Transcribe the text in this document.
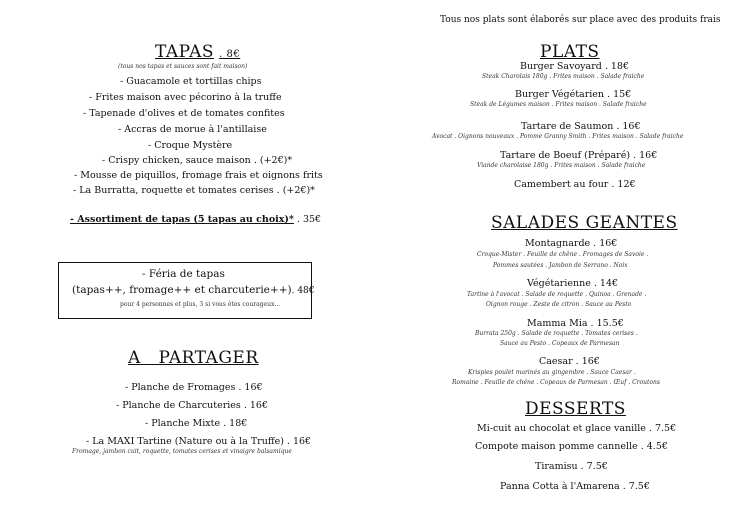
Tous nos plats sont élaborés sur place avec des produits frais
TAPAS . 8€
(tous nos tapas et sauces sont fait maison)
- Guacamole et tortillas chips
- Frites maison avec pécorino à la truffe
- Tapenade d'olives et de tomates confites
- Accras de morue à l'antillaise
- Croque Mystère
- Crispy chicken, sauce maison . (+2€)*
- Mousse de piquillos, fromage frais et oignons frits
- La Burratta, roquette et tomates cerises . (+2€)*
- Assortiment de tapas (5 tapas au choix)* . 35€
- Féria de tapas
(tapas++, fromage++ et charcuterie++). 48€
pour 4 personnes et plus, 3 si vous êtes courageux...
A   PARTAGER
- Planche de Fromages . 16€
- Planche de Charcuteries . 16€
- Planche Mixte . 18€
- La MAXI Tartine (Nature ou à la Truffe) . 16€
Fromage, jambon cuit, roquette, tomates cerises et vinaigre balsamique
PLATS
Burger Savoyard . 18€
Steak Charolais 180g . Frites maison . Salade fraiche
Burger Végétarien . 15€
Steak de Légumes maison . Frites maison . Salade fraiche
Tartare de Saumon . 16€
Avocat . Oignons nouveaux . Pomme Granny Smith . Frites maison . Salade fraiche
Tartare de Boeuf (Préparé) . 16€
Viande charolaise 180g . Frites maison . Salade fraiche
Camembert au four . 12€
SALADES GEANTES
Montagnarde . 16€
Croque-Mister . Feuille de chêne . Fromages de Savoie .
Pommes sautées . Jambon de Serrano . Noix
Végétarienne . 14€
Tartine à l'avocat . Salade de roquette . Quinoa . Grenade .
Oignon rouge . Zeste de citron . Sauce au Pesto
Mamma Mia . 15.5€
Burrata 250g . Salade de roquette . Tomates cerises .
Sauce au Pesto . Copeaux de Parmesan
Caesar . 16€
Krispies poulet marinés au gingembre . Sauce Caesar .
Romaine . Feuille de chêne . Copeaux de Parmesan . Œuf . Croutons
DESSERTS
Mi-cuit au chocolat et glace vanille . 7.5€
Compote maison pomme cannelle . 4.5€
Tiramisu . 7.5€
Panna Cotta à l'Amarena . 7.5€
